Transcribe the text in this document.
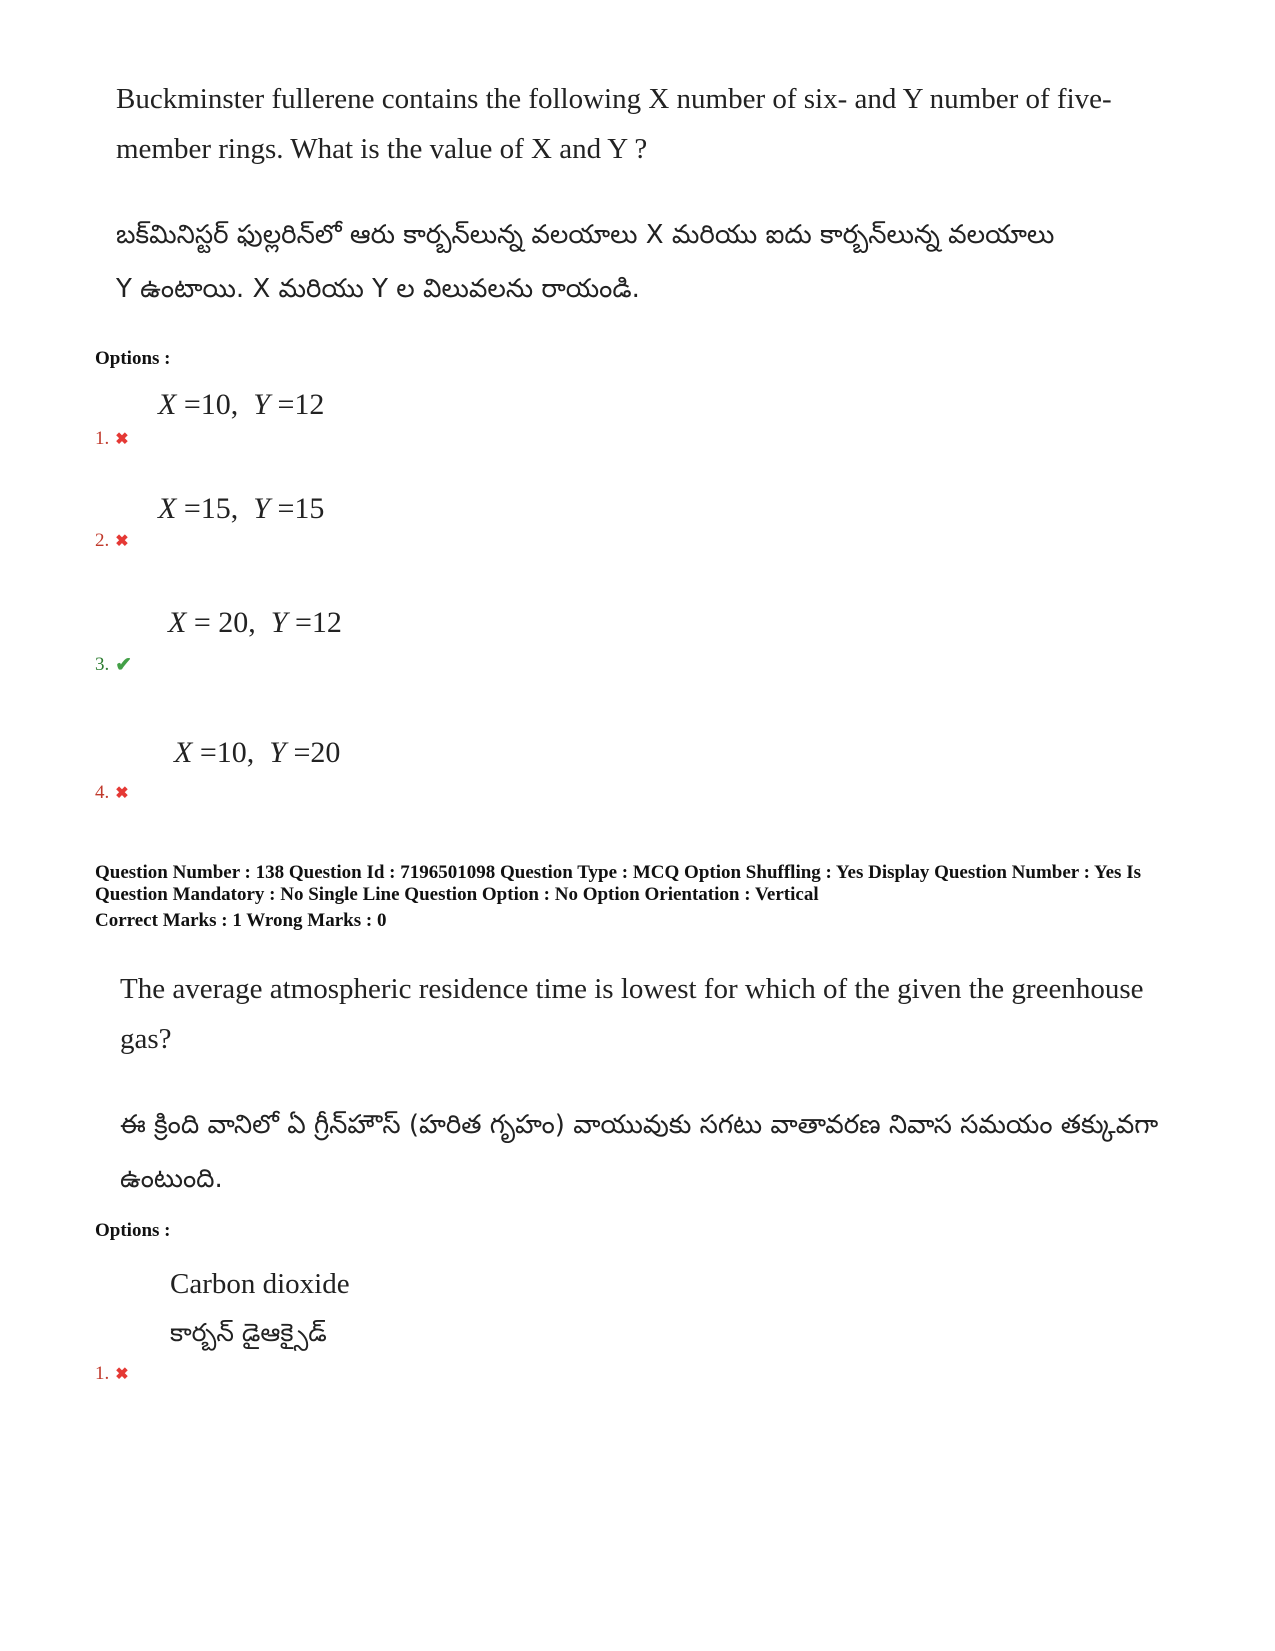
Buckminster fullerene contains the following X number of six- and Y number of five-
member rings. What is the value of X and Y ?
బక్‌మినిస్టర్ ఫుల్లరిన్‌లో ఆరు కార్బన్‌లున్న వలయాలు X మరియు ఐదు కార్బన్‌లున్న వలయాలు
Y ఉంటాయి. X మరియు Y ల విలువలను రాయండి.
Options :
X =10,  Y =12
1. ✖
X =15,  Y =15
2. ✖
X = 20,  Y =12
3. ✔
X =10,  Y =20
4. ✖
Question Number : 138 Question Id : 7196501098 Question Type : MCQ Option Shuffling : Yes Display Question Number : Yes Is
Question Mandatory : No Single Line Question Option : No Option Orientation : Vertical
Correct Marks : 1 Wrong Marks : 0
The average atmospheric residence time is lowest for which of the given the greenhouse
gas?
ఈ క్రింది వానిలో ఏ గ్రీన్‌హౌస్ (హరిత గృహం) వాయువుకు సగటు వాతావరణ నివాస సమయం తక్కువగా
ఉంటుంది.
Options :
Carbon dioxide
కార్బన్ డైఆక్సైడ్
1. ✖
